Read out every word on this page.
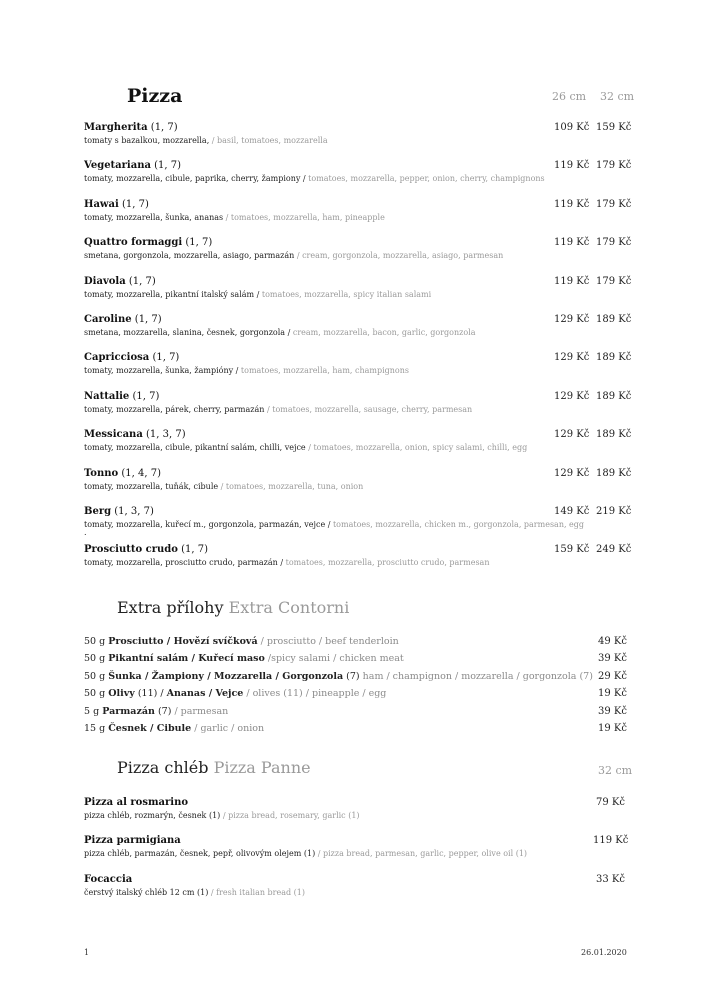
Pizza	26 cm 32 cm
Margherita (1, 7)
tomaty s bazalkou, mozzarella, / basil, tomatoes, mozzarella
109 Kč 159 Kč
Vegetariana (1, 7)
tomaty, mozzarella, cibule, paprika, cherry, žampiony / tomatoes, mozzarella, pepper, onion, cherry, champignons
119 Kč 179 Kč
Hawai (1, 7)
tomaty, mozzarella, šunka, ananas / tomatoes, mozzarella, ham, pineapple
119 Kč 179 Kč
Quattro formaggi (1, 7)
smetana, gorgonzola, mozzarella, asiago, parmazán / cream, gorgonzola, mozzarella, asiago, parmesan
119 Kč 179 Kč
Diavola (1, 7)
tomaty, mozzarella, pikantní italský salám / tomatoes, mozzarella, spicy italian salami
119 Kč 179 Kč
Caroline (1, 7)
smetana, mozzarella, slanina, česnek, gorgonzola / cream, mozzarella, bacon, garlic, gorgonzola
129 Kč 189 Kč
Capricciosa (1, 7)
tomaty, mozzarella, šunka, žampióny / tomatoes, mozzarella, ham, champignons
129 Kč 189 Kč
Nattalie (1, 7)
tomaty, mozzarella, párek, cherry, parmazán / tomatoes, mozzarella, sausage, cherry, parmesan
129 Kč 189 Kč
Messicana (1, 3, 7)
tomaty, mozzarella, cibule, pikantní salám, chilli, vejce / tomatoes, mozzarella, onion, spicy salami, chilli, egg
129 Kč 189 Kč
Tonno (1, 4, 7)
tomaty, mozzarella, tuňák, cibule / tomatoes, mozzarella, tuna, onion
129 Kč 189 Kč
Berg (1, 3, 7)
tomaty, mozzarella, kuřecí m., gorgonzola, parmazán, vejce / tomatoes, mozzarella, chicken m., gorgonzola, parmesan, egg
149 Kč 219 Kč
Prosciutto crudo (1, 7)
tomaty, mozzarella, prosciutto crudo, parmazán / tomatoes, mozzarella, prosciutto crudo, parmesan
159 Kč 249 Kč
.
Extra přílohy Extra Contorni
50 g Prosciutto / Hovězí svíčková / prosciutto / beef tenderloin	49 Kč
50 g Pikantní salám / Kuřecí maso /spicy salami / chicken meat	39 Kč
50 g Šunka / Žampiony / Mozzarella / Gorgonzola (7) ham / champignon / mozzarella / gorgonzola (7) 29 Kč
50 g Olivy (11) / Ananas / Vejce / olives (11) / pineapple / egg	19 Kč
5 g Parmazán (7) / parmesan	39 Kč
15 g Česnek / Cibule / garlic / onion	19 Kč
Pizza chléb Pizza Panne	32 cm
Pizza al rosmarino
pizza chléb, rozmarýn, česnek (1) / pizza bread, rosemary, garlic (1)
79 Kč
Pizza parmigiana
pizza chléb, parmazán, česnek, pepř, olivovým olejem (1) / pizza bread, parmesan, garlic, pepper, olive oil (1)
119 Kč
Focaccia
čerstvý italský chléb 12 cm (1) / fresh italian bread (1)
33 Kč
1	26.01.2020
